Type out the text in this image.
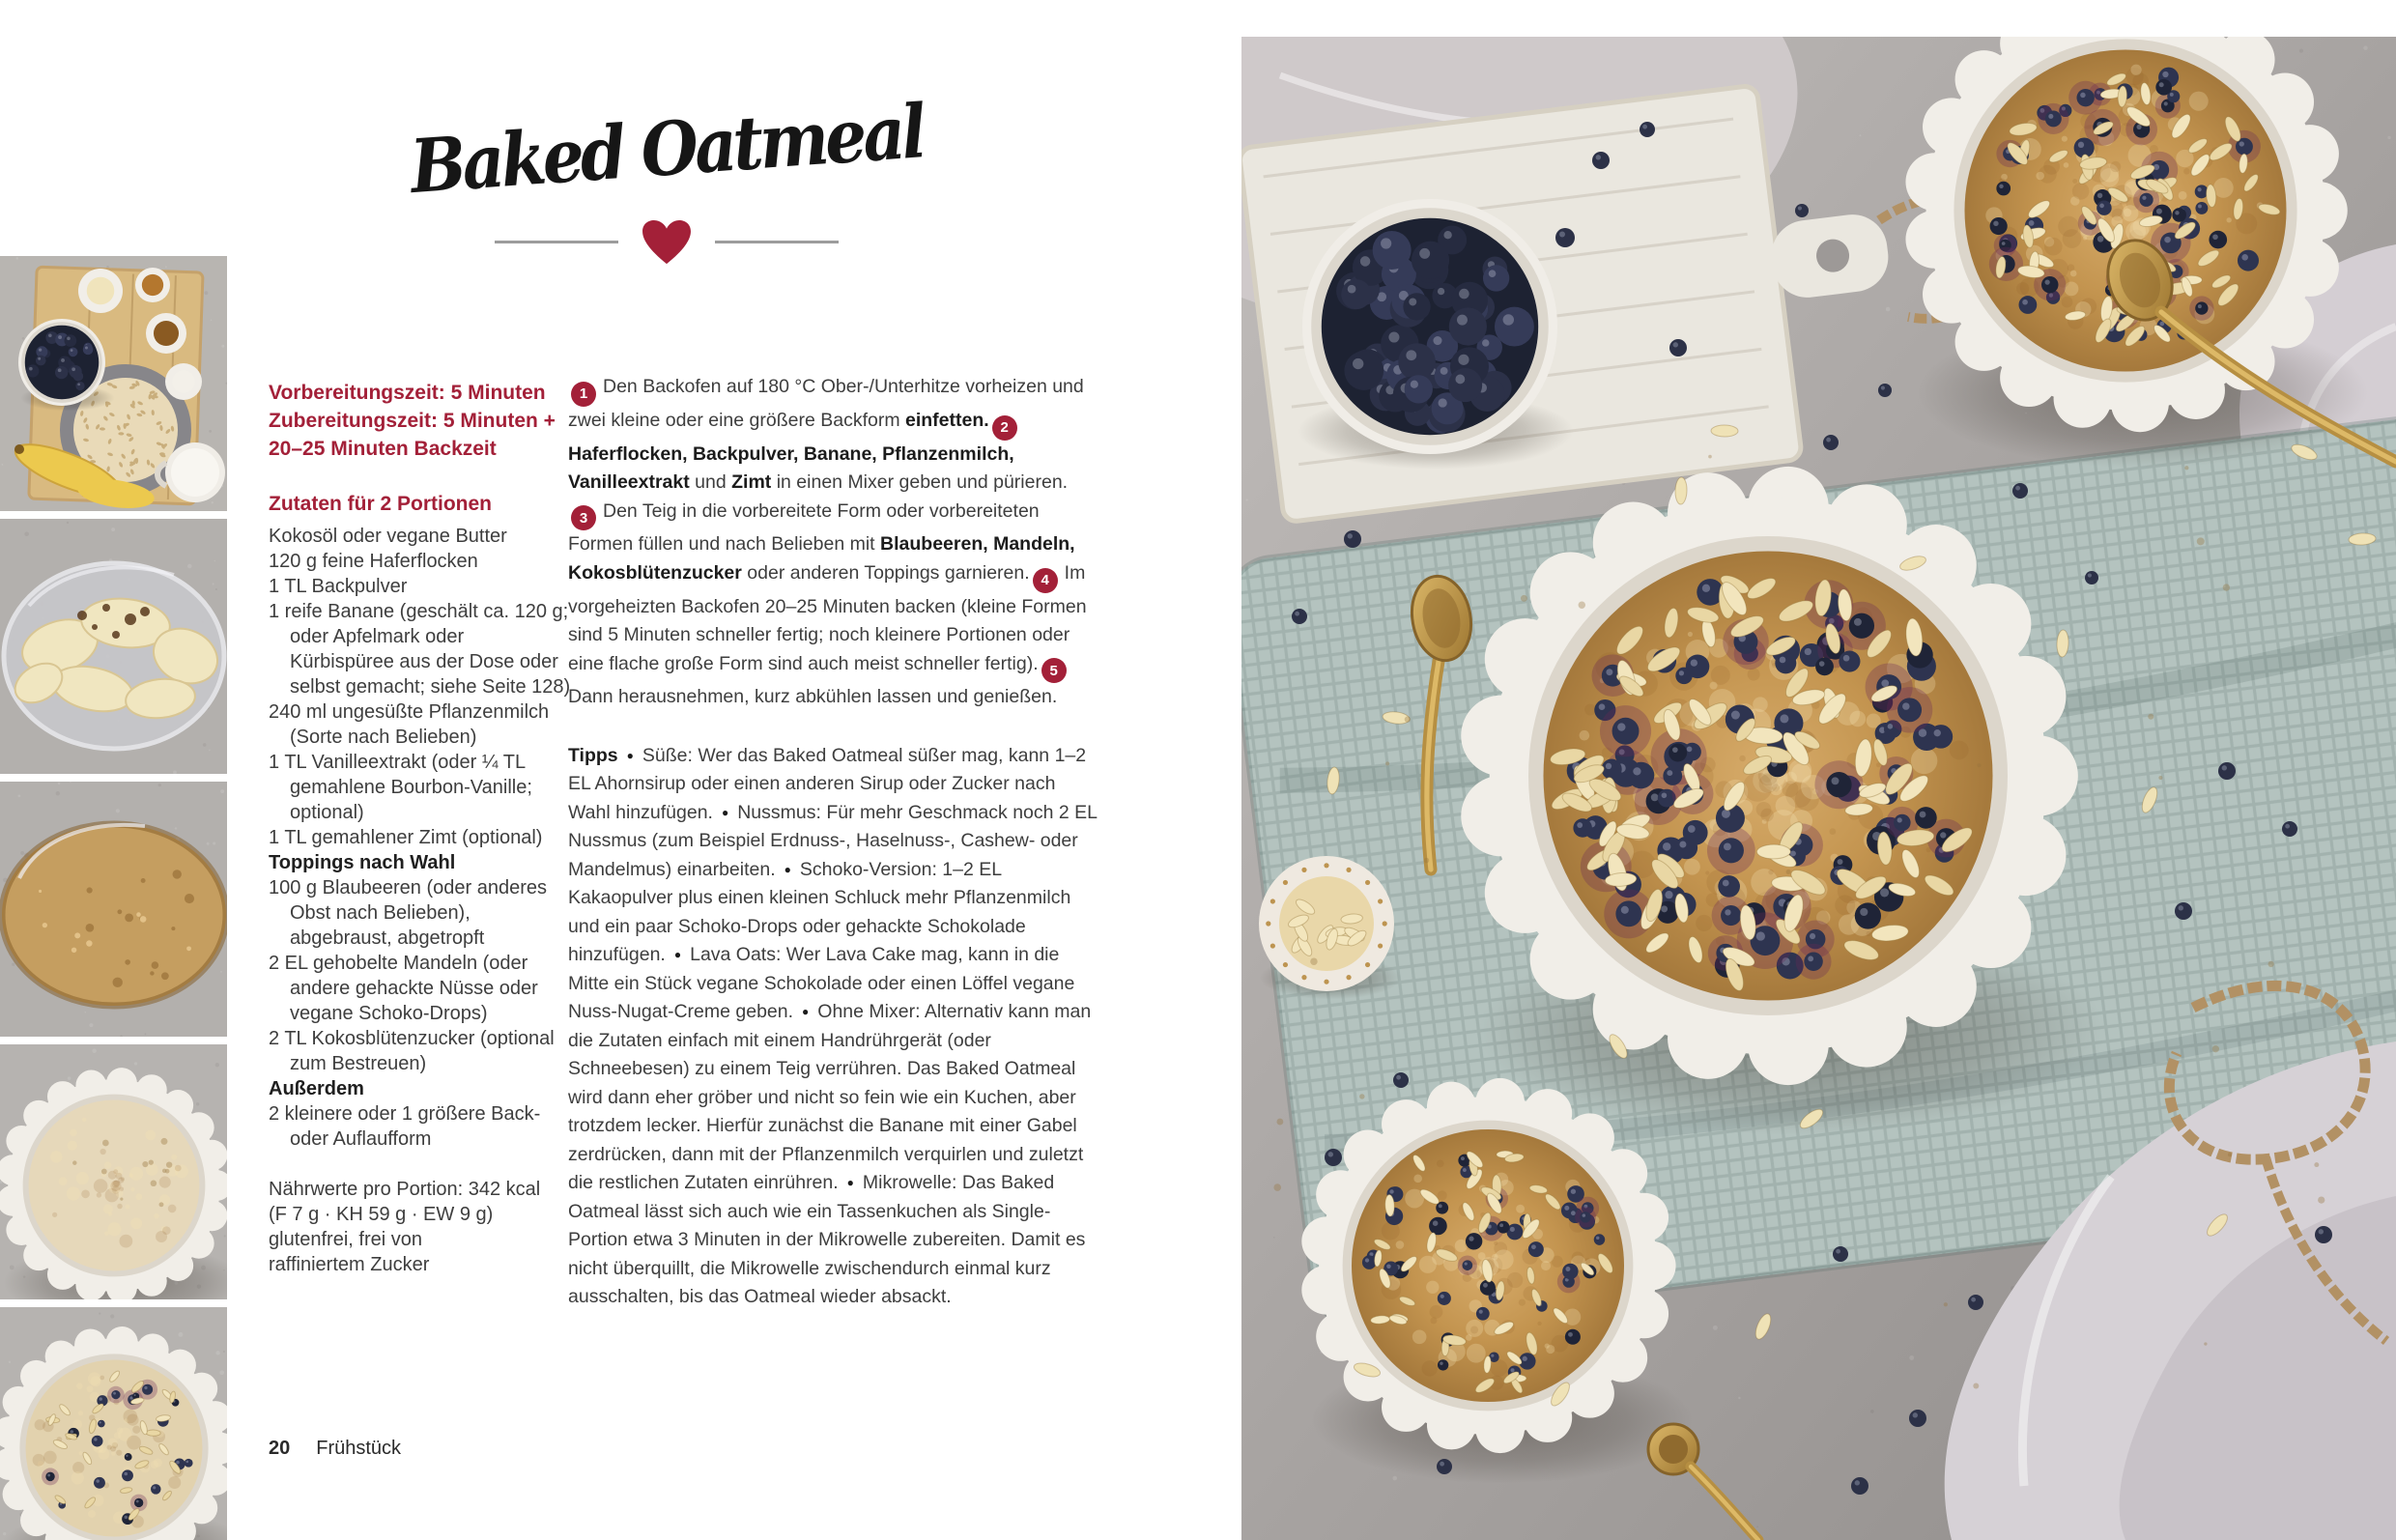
Baked Oatmeal
Vorbereitungszeit: 5 Minuten
Zubereitungszeit: 5 Minuten +
20–25 Minuten Backzeit
Zutaten für 2 Portionen
Kokosöl oder vegane Butter
120 g feine Haferflocken
1 TL Backpulver
1 reife Banane (geschält ca. 120 g; oder Apfelmark oder Kürbispüree aus der Dose oder selbst gemacht; siehe Seite 128)
240 ml ungesüßte Pflanzenmilch (Sorte nach Belieben)
1 TL Vanilleextrakt (oder ¼ TL gemahlene Bourbon-Vanille; optional)
1 TL gemahlener Zimt (optional)
Toppings nach Wahl
100 g Blaubeeren (oder anderes Obst nach Belieben), abgebraust, abgetropft
2 EL gehobelte Mandeln (oder andere gehackte Nüsse oder vegane Schoko-Drops)
2 TL Kokosblütenzucker (optional zum Bestreuen)
Außerdem
2 kleinere oder 1 größere Back- oder Auflaufform
Nährwerte pro Portion: 342 kcal
(F 7 g · KH 59 g · EW 9 g)
glutenfrei, frei von
raffiniertem Zucker

1 Den Backofen auf 180 °C Ober-/Unterhitze vorheizen und zwei kleine oder eine größere Backform einfetten. 2Haferflocken, Backpulver, Banane, Pflanzenmilch, Vanilleextrakt und Zimt in einen Mixer geben und pürieren.3 Den Teig in die vorbereitete Form oder vorbereiteten Formen füllen und nach Belieben mit Blaubeeren, Mandeln, Kokosblütenzucker oder anderen Toppings garnieren. 4 Im vorgeheizten Backofen 20–25 Minuten backen (kleine Formen sind 5 Minuten schneller fertig; noch kleinere Portionen oder eine flache große Form sind auch meist schneller fertig). 5Dann herausnehmen, kurz abkühlen lassen und genießen.

Tipps ● Süße: Wer das Baked Oatmeal süßer mag, kann 1–2 EL Ahornsirup oder einen anderen Sirup oder Zucker nach Wahl hinzufügen. ● Nussmus: Für mehr Geschmack noch 2 EL Nussmus (zum Beispiel Erdnuss-, Haselnuss-, Cashew- oder Mandelmus) einarbeiten. ● Schoko-Version: 1–2 EL Kakaopulver plus einen kleinen Schluck mehr Pflanzenmilch und ein paar Schoko-Drops oder gehackte Schokolade hinzufügen. ● Lava Oats: Wer Lava Cake mag, kann in die Mitte ein Stück vegane Schokolade oder einen Löffel vegane Nuss-Nugat-Creme geben. ● Ohne Mixer: Alternativ kann man die Zutaten einfach mit einem Handrührgerät (oder Schneebesen) zu einem Teig verrühren. Das Baked Oatmeal wird dann eher gröber und nicht so fein wie ein Kuchen, aber trotzdem lecker. Hierfür zunächst die Banane mit einer Gabel zerdrücken, dann mit der Pflanzenmilch verquirlen und zuletzt die restlichen Zutaten einrühren. ● Mikrowelle: Das Baked Oatmeal lässt sich auch wie ein Tassenkuchen als Single-Portion etwa 3 Minuten in der Mikrowelle zubereiten. Damit es nicht überquillt, die Mikrowelle zwischendurch einmal kurz ausschalten, bis das Oatmeal wieder absackt.

20 Frühstück
